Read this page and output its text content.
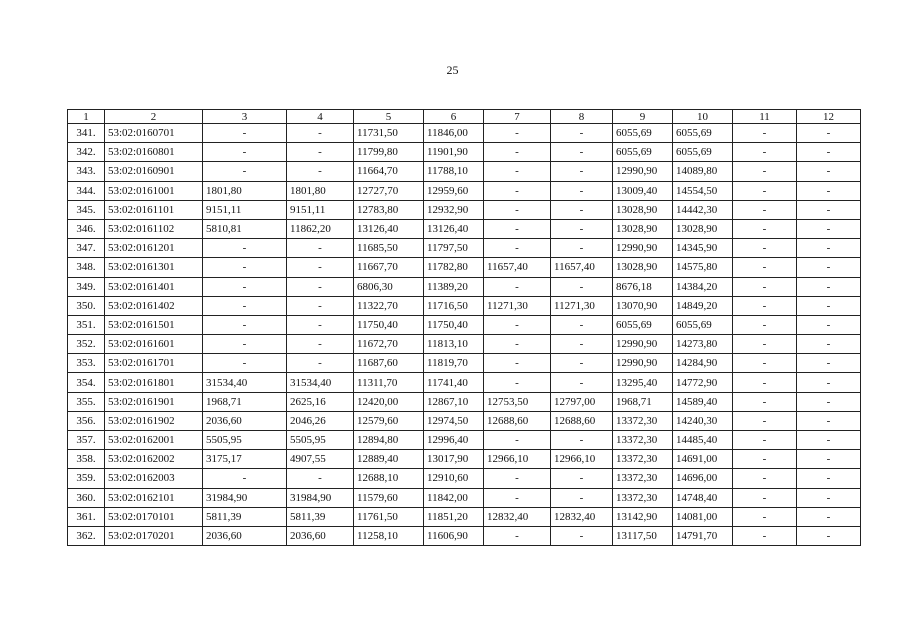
25
1	2	3	4	5	6	7	8	9	10	11	12
341.	53:02:0160701	-	-	11731,50	11846,00	-	-	6055,69	6055,69	-	-
342.	53:02:0160801	-	-	11799,80	11901,90	-	-	6055,69	6055,69	-	-
343.	53:02:0160901	-	-	11664,70	11788,10	-	-	12990,90	14089,80	-	-
344.	53:02:0161001	1801,80	1801,80	12727,70	12959,60	-	-	13009,40	14554,50	-	-
345.	53:02:0161101	9151,11	9151,11	12783,80	12932,90	-	-	13028,90	14442,30	-	-
346.	53:02:0161102	5810,81	11862,20	13126,40	13126,40	-	-	13028,90	13028,90	-	-
347.	53:02:0161201	-	-	11685,50	11797,50	-	-	12990,90	14345,90	-	-
348.	53:02:0161301	-	-	11667,70	11782,80	11657,40	11657,40	13028,90	14575,80	-	-
349.	53:02:0161401	-	-	6806,30	11389,20	-	-	8676,18	14384,20	-	-
350.	53:02:0161402	-	-	11322,70	11716,50	11271,30	11271,30	13070,90	14849,20	-	-
351.	53:02:0161501	-	-	11750,40	11750,40	-	-	6055,69	6055,69	-	-
352.	53:02:0161601	-	-	11672,70	11813,10	-	-	12990,90	14273,80	-	-
353.	53:02:0161701	-	-	11687,60	11819,70	-	-	12990,90	14284,90	-	-
354.	53:02:0161801	31534,40	31534,40	11311,70	11741,40	-	-	13295,40	14772,90	-	-
355.	53:02:0161901	1968,71	2625,16	12420,00	12867,10	12753,50	12797,00	1968,71	14589,40	-	-
356.	53:02:0161902	2036,60	2046,26	12579,60	12974,50	12688,60	12688,60	13372,30	14240,30	-	-
357.	53:02:0162001	5505,95	5505,95	12894,80	12996,40	-	-	13372,30	14485,40	-	-
358.	53:02:0162002	3175,17	4907,55	12889,40	13017,90	12966,10	12966,10	13372,30	14691,00	-	-
359.	53:02:0162003	-	-	12688,10	12910,60	-	-	13372,30	14696,00	-	-
360.	53:02:0162101	31984,90	31984,90	11579,60	11842,00	-	-	13372,30	14748,40	-	-
361.	53:02:0170101	5811,39	5811,39	11761,50	11851,20	12832,40	12832,40	13142,90	14081,00	-	-
362.	53:02:0170201	2036,60	2036,60	11258,10	11606,90	-	-	13117,50	14791,70	-	-
